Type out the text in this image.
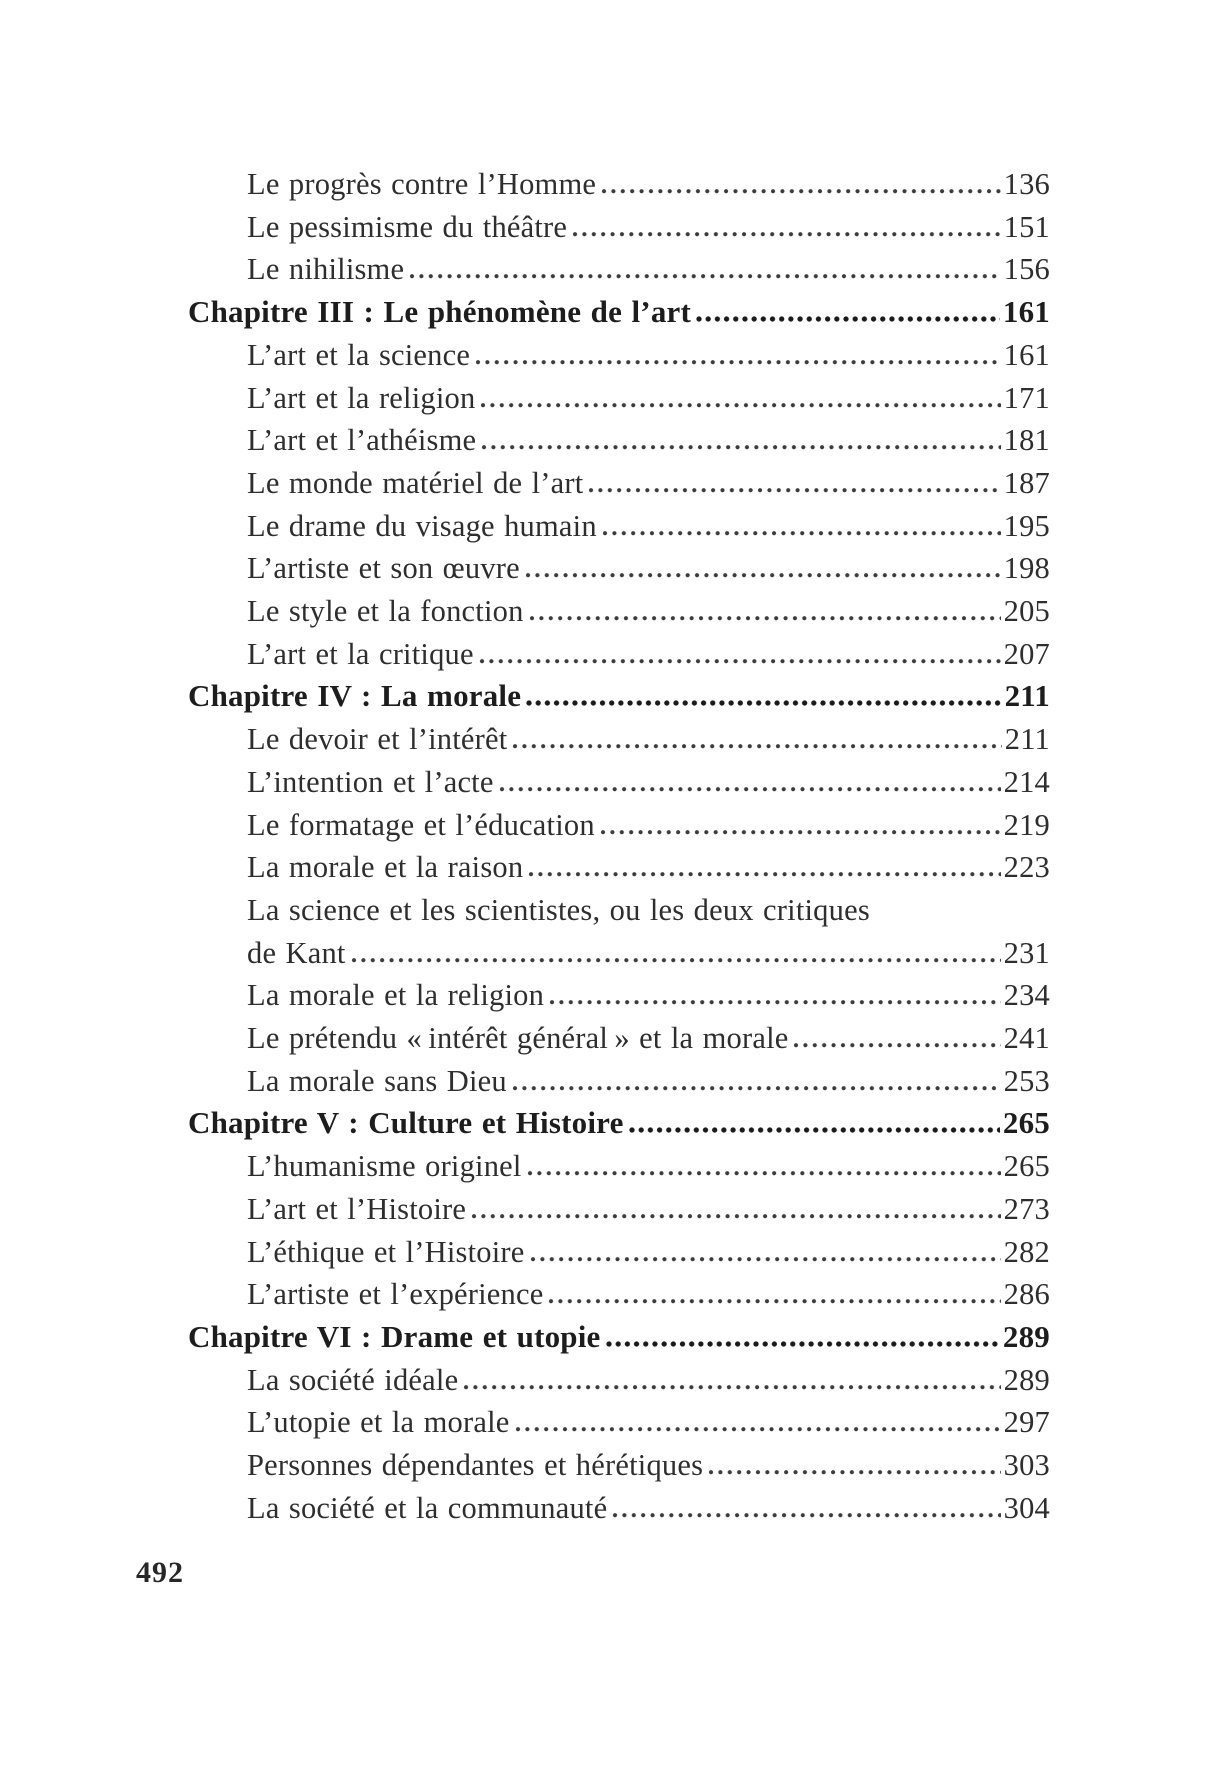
Le progrès contre l’Homme	136
Le pessimisme du théâtre	151
Le nihilisme	156
Chapitre III : Le phénomène de l’art	161
L’art et la science	161
L’art et la religion	171
L’art et l’athéisme	181
Le monde matériel de l’art	187
Le drame du visage humain	195
L’artiste et son œuvre	198
Le style et la fonction	205
L’art et la critique	207
Chapitre IV : La morale	211
Le devoir et l’intérêt	211
L’intention et l’acte	214
Le formatage et l’éducation	219
La morale et la raison	223
La science et les scientistes, ou les deux critiques
de Kant	231
La morale et la religion	234
Le prétendu « intérêt général » et la morale	241
La morale sans Dieu	253
Chapitre V : Culture et Histoire	265
L’humanisme originel	265
L’art et l’Histoire	273
L’éthique et l’Histoire	282
L’artiste et l’expérience	286
Chapitre VI : Drame et utopie	289
La société idéale	289
L’utopie et la morale	297
Personnes dépendantes et hérétiques	303
La société et la communauté	304
492
